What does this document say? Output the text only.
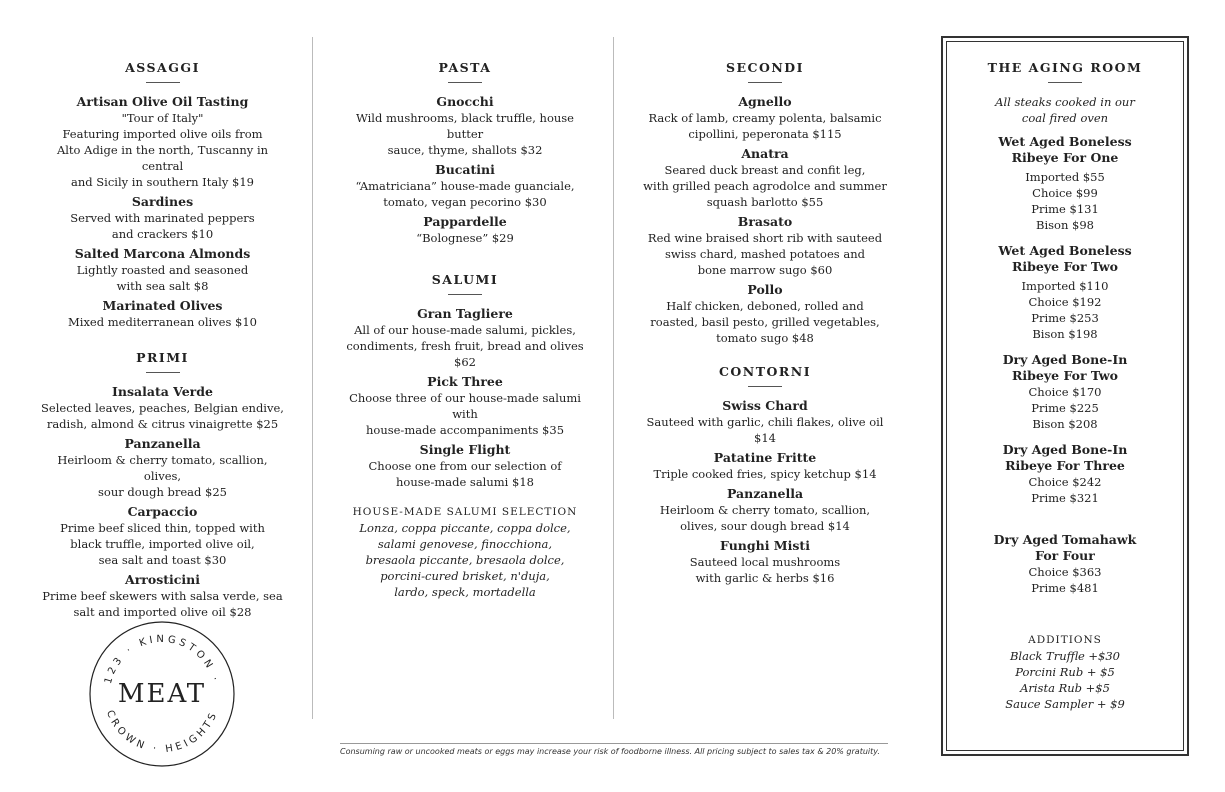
ASSAGGI

Artisan Olive Oil Tasting

"Tour of Italy"

Featuring imported olive oils from

Alto Adige in the north, Tuscanny in central

and Sicily in southern Italy $19

Sardines

Served with marinated peppers

and crackers $10

Salted Marcona Almonds

Lightly roasted and seasoned

with sea salt $8

Marinated Olives

Mixed mediterranean olives $10

PRIMI

Insalata Verde

Selected leaves, peaches, Belgian endive,

radish, almond & citrus vinaigrette $25

Panzanella

Heirloom & cherry tomato, scallion, olives,

sour dough bread $25

Carpaccio

Prime beef sliced thin, topped with

black truffle, imported olive oil,

sea salt and toast $30

Arrosticini

Prime beef skewers with salsa verde, sea

salt and imported olive oil $28

123 · KINGSTON ·
MEAT
CROWN · HEIGHTS

PASTA

Gnocchi

Wild mushrooms, black truffle, house butter

sauce, thyme, shallots $32

Bucatini

“Amatriciana” house-made guanciale,

tomato, vegan pecorino $30

Pappardelle

“Bolognese” $29

SALUMI

Gran Tagliere

All of our house-made salumi, pickles,

condiments, fresh fruit, bread and olives $62

Pick Three

Choose three of our house-made salumi with

house-made accompaniments $35

Single Flight

Choose one from our selection of

house-made salumi $18

HOUSE-MADE SALUMI SELECTION

Lonza, coppa piccante, coppa dolce,

salami genovese, finocchiona,

bresaola piccante, bresaola dolce,

porcini-cured brisket, n'duja,

lardo, speck, mortadella

SECONDI

Agnello

Rack of lamb, creamy polenta, balsamic

cipollini, peperonata $115

Anatra

Seared duck breast and confit leg,

with grilled peach agrodolce and summer

squash barlotto $55

Brasato

Red wine braised short rib with sauteed

swiss chard, mashed potatoes and

bone marrow sugo $60

Pollo

Half chicken, deboned, rolled and

roasted, basil pesto, grilled vegetables,

tomato sugo $48

CONTORNI

Swiss Chard

Sauteed with garlic, chili flakes, olive oil $14

Patatine Fritte

Triple cooked fries, spicy ketchup $14

Panzanella

Heirloom & cherry tomato, scallion,

olives, sour dough bread $14

Funghi Misti

Sauteed local mushrooms

with garlic & herbs $16

THE AGING ROOM

All steaks cooked in our

coal fired oven

Wet Aged Boneless

Ribeye For One

Imported $55

Choice $99

Prime $131

Bison $98

Wet Aged Boneless

Ribeye For Two

Imported $110

Choice $192

Prime $253

Bison $198

Dry Aged Bone-In

Ribeye For Two

Choice $170

Prime $225

Bison $208

Dry Aged Bone-In

Ribeye For Three

Choice $242

Prime $321

Dry Aged Tomahawk

For Four

Choice $363

Prime $481

ADDITIONS

Black Truffle +$30

Porcini Rub + $5

Arista Rub +$5

Sauce Sampler + $9

Consuming raw or uncooked meats or eggs may increase your risk of foodborne illness. All pricing subject to sales tax & 20% gratuity.
